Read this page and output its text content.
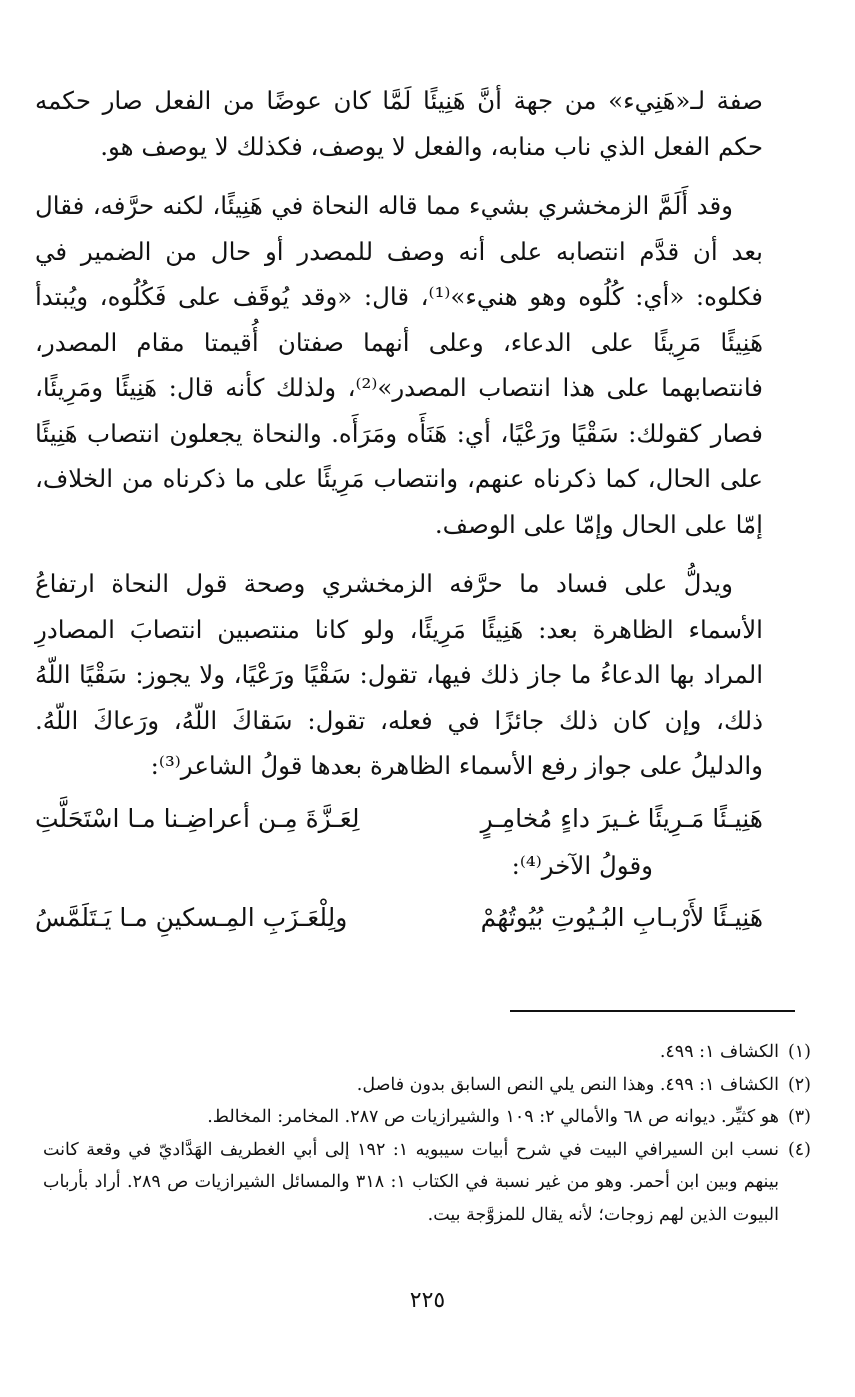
صفة لـ«هَنِيء» من جهة أنَّ هَنِيئًا لَمَّا كان عوضًا من الفعل صار حكمه حكم الفعل الذي ناب منابه، والفعل لا يوصف، فكذلك لا يوصف هو.

وقد أَلَمَّ الزمخشري بشيء مما قاله النحاة في هَنِيئًا، لكنه حرَّفه، فقال بعد أن قدَّم انتصابه على أنه وصف للمصدر أو حال من الضمير في فكلوه: «أي: كُلُوه وهو هنيء»⁽¹⁾، قال: «وقد يُوقَف على فَكُلُوه، ويُبتدأ هَنِيئًا مَرِيئًا على الدعاء، وعلى أنهما صفتان أُقيمتا مقام المصدر، فانتصابهما على هذا انتصاب المصدر»⁽²⁾، ولذلك كأنه قال: هَنِيئًا ومَرِيئًا، فصار كقولك: سَقْيًا ورَعْيًا، أي: هَنَأَه ومَرَأَه. والنحاة يجعلون انتصاب هَنِيئًا على الحال، كما ذكرناه عنهم، وانتصاب مَرِيئًا على ما ذكرناه من الخلاف، إمّا على الحال وإمّا على الوصف.

ويدلُّ على فساد ما حرَّفه الزمخشري وصحة قول النحاة ارتفاعُ الأسماء الظاهرة بعد: هَنِيئًا مَرِيئًا، ولو كانا منتصبين انتصابَ المصادرِ المراد بها الدعاءُ ما جاز ذلك فيها، تقول: سَقْيًا ورَعْيًا، ولا يجوز: سَقْيًا اللّهُ ذلك، وإن كان ذلك جائزًا في فعله، تقول: سَقاكَ اللّهُ، ورَعاكَ اللّهُ. والدليلُ على جواز رفع الأسماء الظاهرة بعدها قولُ الشاعر⁽³⁾:

هَنِيـئًا مَـرِيئًا غـيرَ داءٍ مُخامِـرٍ
لِعَـزَّةَ مِـن أعراضِـنا مـا اسْتَحَلَّتِ

وقولُ الآخر⁽⁴⁾:

هَنِيـئًا لأَرْبـابِ البُـيُوتِ بُيُوتُهُمْ
ولِلْعَـزَبِ المِـسكينِ مـا يَـتَلَمَّسُ
(١)
الكشاف ١: ٤٩٩.
(٢)
الكشاف ١: ٤٩٩. وهذا النص يلي النص السابق بدون فاصل.
(٣)
هو كثيِّر. ديوانه ص ٦٨ والأمالي ٢: ١٠٩ والشيرازيات ص ٢٨٧. المخامر: المخالط.
(٤)
نسب ابن السيرافي البيت في شرح أبيات سيبويه ١: ١٩٢ إلى أبي الغطريف الهَدَّاديّ في وقعة كانت بينهم وبين ابن أحمر. وهو من غير نسبة في الكتاب ١: ٣١٨ والمسائل الشيرازيات ص ٢٨٩. أراد بأرباب البيوت الذين لهم زوجات؛ لأنه يقال للمزوَّجة بيت.
٢٢٥
